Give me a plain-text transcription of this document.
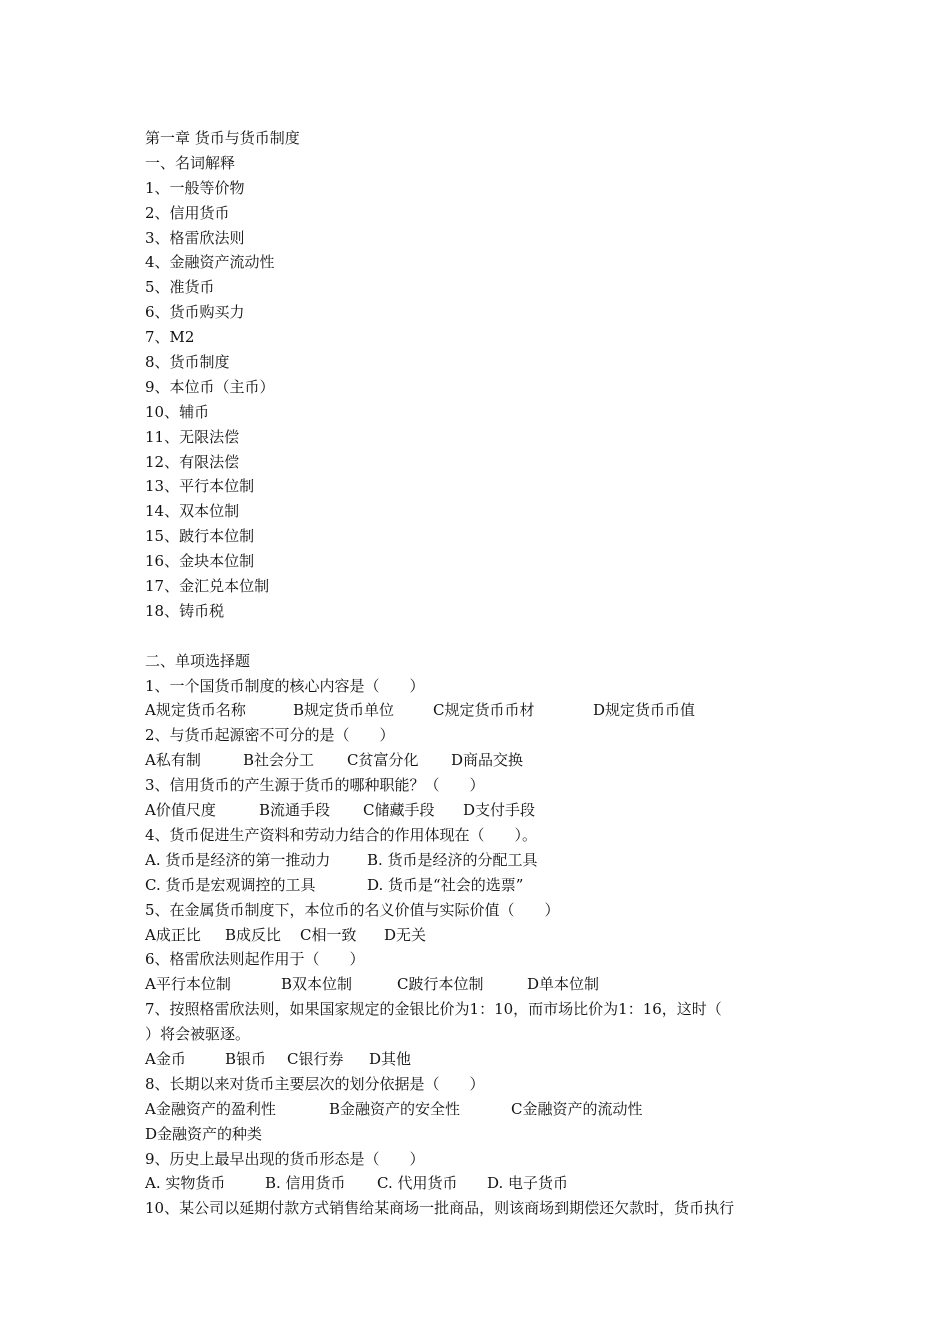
第一章 货币与货币制度
一、名词解释
1、一般等价物
2、信用货币
3、格雷欣法则
4、金融资产流动性
5、准货币
6、货币购买力
7、M2
8、货币制度
9、本位币（主币）
10、辅币
11、无限法偿
12、有限法偿
13、平行本位制
14、双本位制
15、跛行本位制
16、金块本位制
17、金汇兑本位制
18、铸币税
二、单项选择题
1、一个国货币制度的核心内容是（　　）
A规定货币名称	B规定货币单位	C规定货币币材	D规定货币币值
2、与货币起源密不可分的是（　　）
A私有制	B社会分工	C贫富分化	D商品交换
3、信用货币的产生源于货币的哪种职能？（　　）
A价值尺度	B流通手段	C储藏手段	D支付手段
4、货币促进生产资料和劳动力结合的作用体现在（　　）。
A. 货币是经济的第一推动力	B. 货币是经济的分配工具
C. 货币是宏观调控的工具	D. 货币是“社会的选票”
5、在金属货币制度下，本位币的名义价值与实际价值（　　）
A成正比	B成反比	C相一致	D无关
6、格雷欣法则起作用于（　　）
A平行本位制	B双本位制	C跛行本位制	D单本位制
7、按照格雷欣法则，如果国家规定的金银比价为1：10，而市场比价为1：16，这时（
）将会被驱逐。
A金币	B银币	C银行券	D其他
8、长期以来对货币主要层次的划分依据是（　　）
A金融资产的盈利性	B金融资产的安全性	C金融资产的流动性
D金融资产的种类
9、历史上最早出现的货币形态是（　　）
A. 实物货币	B. 信用货币	C. 代用货币	D. 电子货币
10、某公司以延期付款方式销售给某商场一批商品，则该商场到期偿还欠款时，货币执行
